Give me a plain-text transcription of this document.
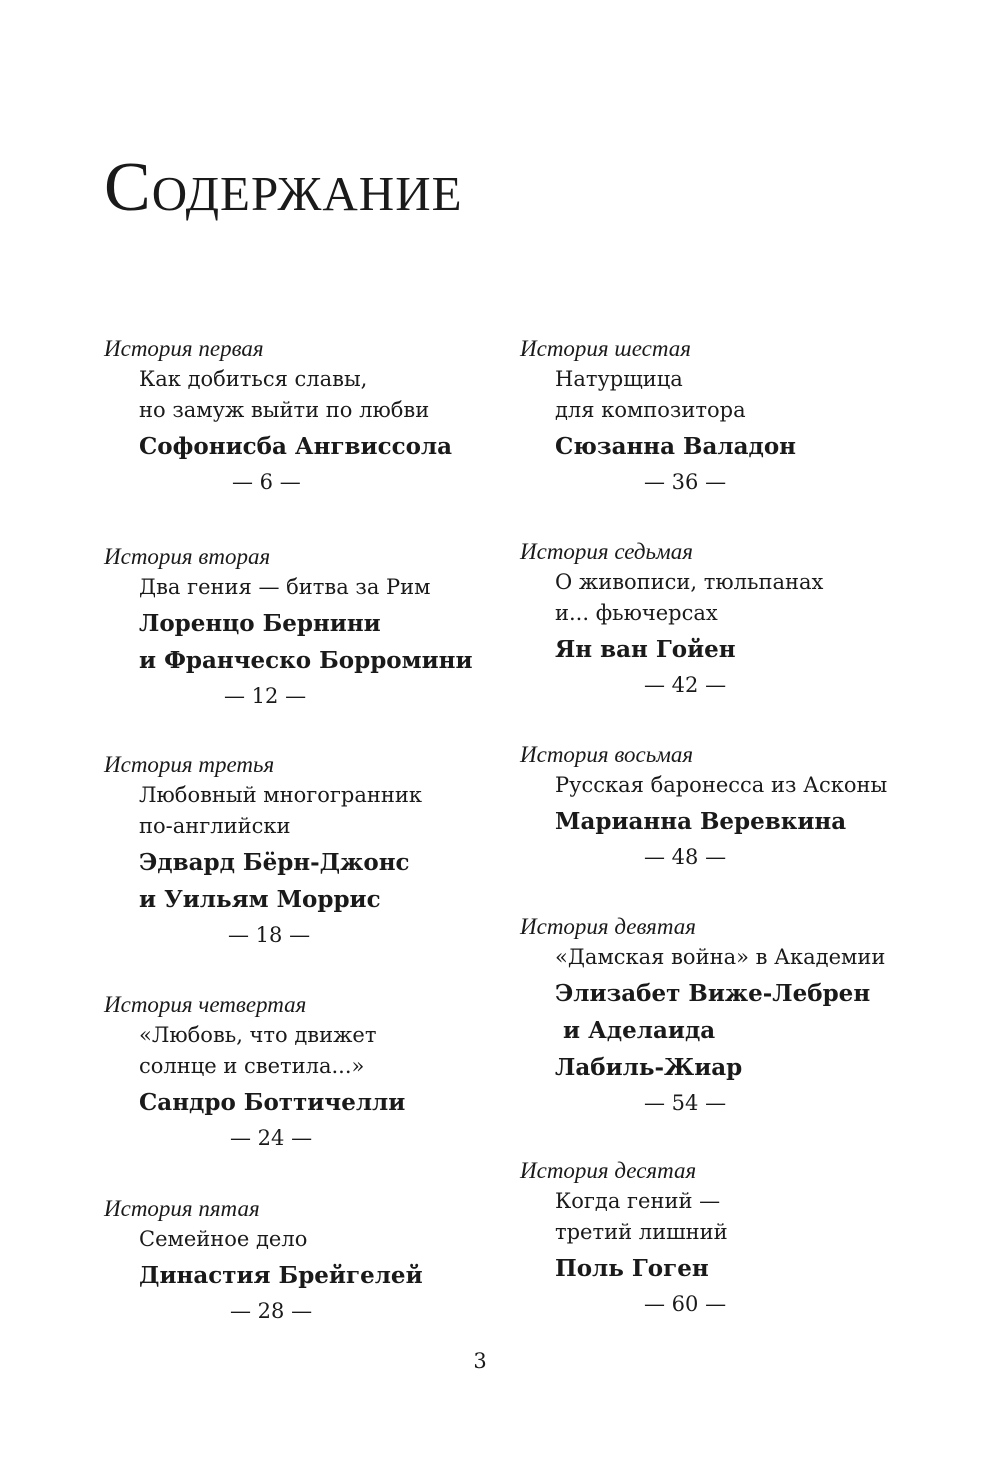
Содержание
История первая
Как добиться славы,
но замуж выйти по любви
Софонисба Ангвиссола
— 6 —
История вторая
Два гения — битва за Рим
Лоренцо Бернини
и Франческо Борромини
— 12 —
История третья
Любовный многогранник
по-английски
Эдвард Бёрн-Джонс
и Уильям Моррис
— 18 —
История четвертая
«Любовь, что движет
солнце и светила...»
Сандро Боттичелли
— 24 —
История пятая
Семейное дело
Династия Брейгелей
— 28 —
История шестая
Натурщица
для композитора
Сюзанна Валадон
— 36 —
История седьмая
О живописи, тюльпанах
и... фьючерсах
Ян ван Гойен
— 42 —
История восьмая
Русская баронесса из Асконы
Марианна Веревкина
— 48 —
История девятая
«Дамская война» в Академии
Элизабет Виже-Лебрен
и Аделаида
Лабиль-Жиар
— 54 —
История десятая
Когда гений —
третий лишний
Поль Гоген
— 60 —
3
